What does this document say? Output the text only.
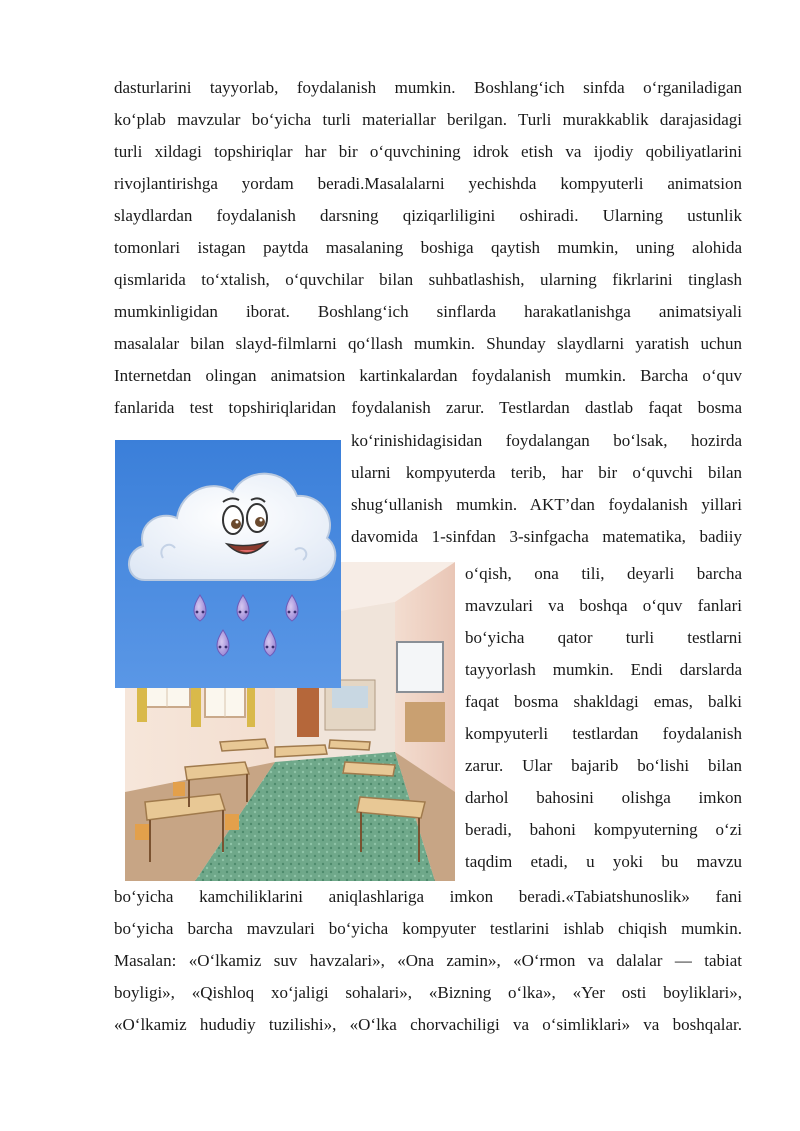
dasturlarini tayyorlab, foydalanish mumkin. Boshlang‘ich sinfda o‘rganiladigan
ko‘plab mavzular bo‘yicha turli materiallar berilgan. Turli murakkablik darajasidagi
turli xildagi topshiriqlar har bir o‘quvchining idrok etish va ijodiy qobiliyatlarini
rivojlantirishga yordam beradi.Masalalarni yechishda kompyuterli animatsion
slaydlardan foydalanish darsning qiziqarliligini oshiradi. Ularning ustunlik
tomonlari istagan paytda masalaning boshiga qaytish mumkin, uning alohida
qismlarida to‘xtalish, o‘quvchilar bilan suhbatlashish, ularning fikrlarini tinglash
mumkinligidan iborat. Boshlang‘ich sinflarda harakatlanishga animatsiyali
masalalar bilan slayd-filmlarni qo‘llash mumkin. Shunday slaydlarni yaratish uchun
Internetdan olingan animatsion kartinkalardan foydalanish mumkin. Barcha o‘quv
fanlarida test topshiriqlaridan foydalanish zarur. Testlardan dastlab faqat bosma
ko‘rinishidagisidan foydalangan bo‘lsak, hozirda
ularni kompyuterda terib, har bir o‘quvchi bilan
shug‘ullanish mumkin. AKT’dan foydalanish yillari
davomida 1-sinfdan 3-sinfgacha matematika, badiiy
o‘qish, ona tili, deyarli barcha
mavzulari va boshqa o‘quv fanlari
bo‘yicha qator turli testlarni
tayyorlash mumkin. Endi darslarda
faqat bosma shakldagi emas, balki
kompyuterli testlardan foydalanish
zarur. Ular bajarib bo‘lishi bilan
darhol bahosini olishga imkon
beradi, bahoni kompyuterning o‘zi
taqdim etadi, u yoki bu mavzu
bo‘yicha kamchiliklarini aniqlashlariga imkon beradi.«Tabiatshunoslik» fani
bo‘yicha barcha mavzulari bo‘yicha kompyuter testlarini ishlab chiqish mumkin.
Masalan: «O‘lkamiz suv havzalari», «Ona zamin», «O‘rmon va dalalar — tabiat
boyligi», «Qishloq xo‘jaligi sohalari», «Bizning o‘lka», «Yer osti boyliklari»,
«O‘lkamiz hududiy tuzilishi», «O‘lka chorvachiligi va o‘simliklari» va boshqalar.
